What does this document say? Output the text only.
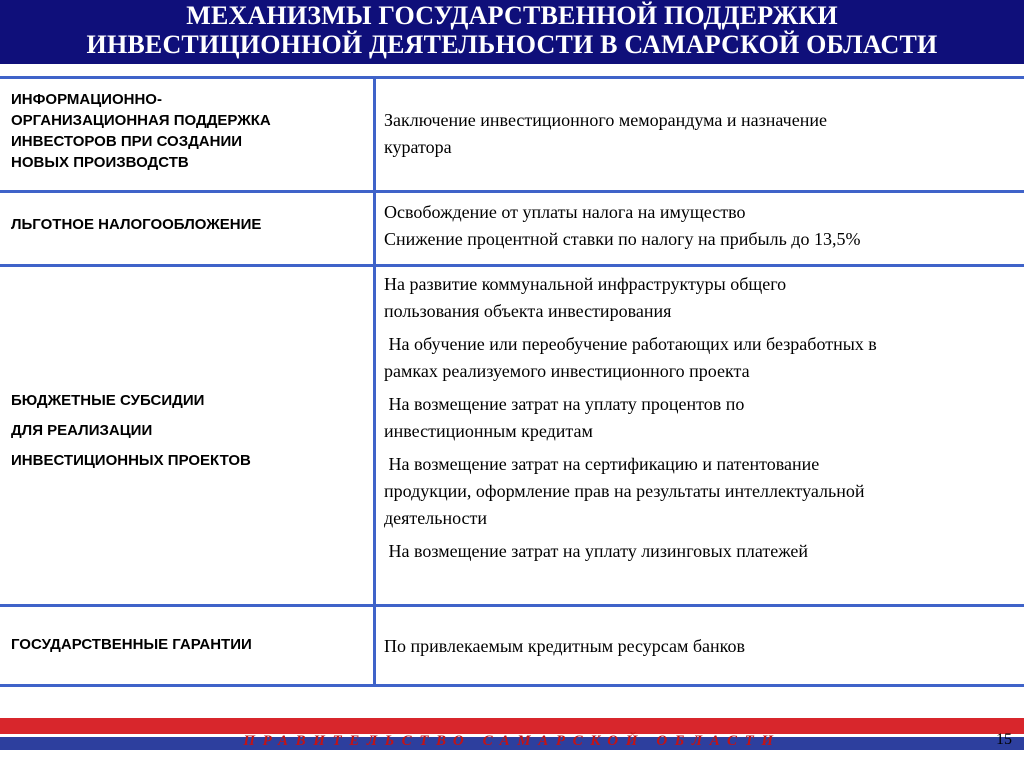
МЕХАНИЗМЫ ГОСУДАРСТВЕННОЙ ПОДДЕРЖКИ
ИНВЕСТИЦИОННОЙ ДЕЯТЕЛЬНОСТИ В САМАРСКОЙ ОБЛАСТИ
ИНФОРМАЦИОННО-
ОРГАНИЗАЦИОННАЯ ПОДДЕРЖКА
ИНВЕСТОРОВ ПРИ СОЗДАНИИ
НОВЫХ ПРОИЗВОДСТВ

Заключение инвестиционного меморандума и назначение
куратора

ЛЬГОТНОЕ НАЛОГООБЛОЖЕНИЕ

Освобождение от уплаты налога на имущество

Снижение процентной ставки по налогу на прибыль до 13,5%

БЮДЖЕТНЫЕ СУБСИДИИ
ДЛЯ РЕАЛИЗАЦИИ
ИНВЕСТИЦИОННЫХ ПРОЕКТОВ

На развитие коммунальной инфраструктуры общего
пользования объекта инвестирования

На обучение или переобучение работающих или безработных в
рамках реализуемого инвестиционного проекта

На возмещение затрат на уплату процентов по
инвестиционным кредитам

На возмещение затрат на сертификацию и патентование
продукции, оформление прав на результаты интеллектуальной
деятельности

На возмещение затрат на уплату лизинговых платежей

ГОСУДАРСТВЕННЫЕ ГАРАНТИИ	По привлекаемым кредитным ресурсам банков

ПРАВИТЕЛЬСТВО САМАРСКОЙ ОБЛАСТИ	15
